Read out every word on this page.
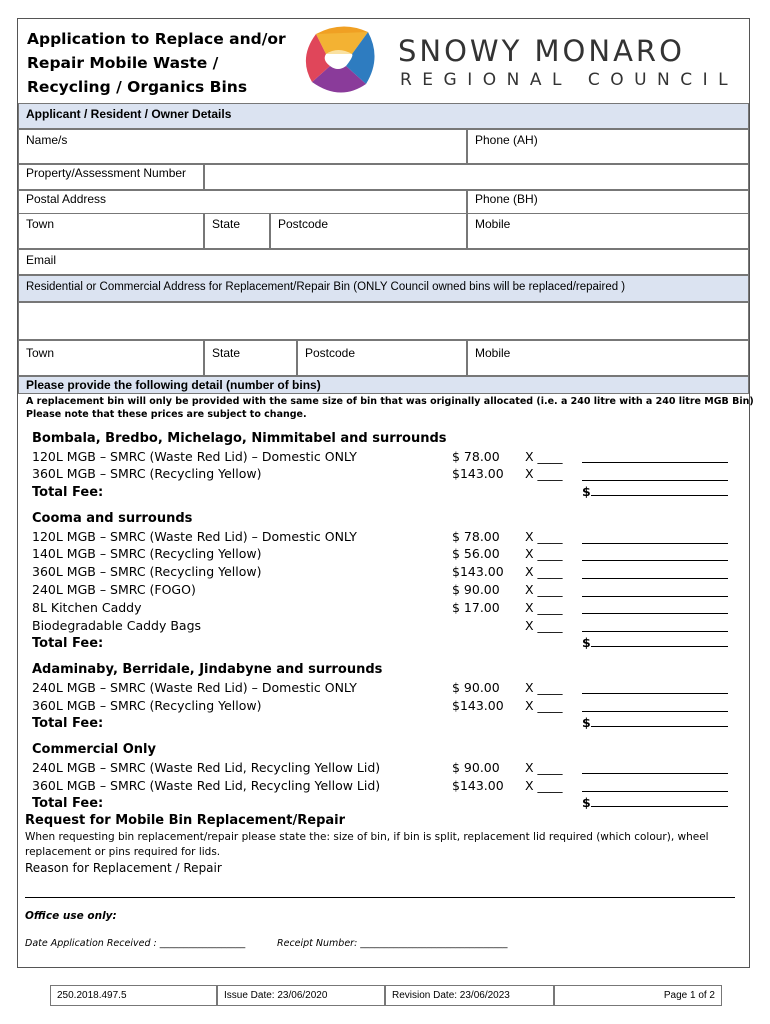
Application to Replace and/or
Repair Mobile Waste /
Recycling / Organics Bins
SNOWY MONARO
REGIONAL COUNCIL
Applicant / Resident / Owner Details
Name/s	Phone (AH)
Property/Assessment Number
Postal Address	Phone (BH)
Town	State	Postcode	Mobile
Email
Residential or Commercial Address for Replacement/Repair Bin (ONLY Council owned bins will be replaced/repaired )
Town	State	Postcode	Mobile
Please provide the following detail (number of bins)
A replacement bin will only be provided with the same size of bin that was originally allocated (i.e. a 240 litre with a 240 litre MGB Bin)
Please note that these prices are subject to change.
Bombala, Bredbo, Michelago, Nimmitabel and surrounds
120L MGB – SMRC (Waste Red Lid) – Domestic ONLY	$ 78.00 X ____
360L MGB – SMRC (Recycling Yellow)	$143.00 X ____
Total Fee:	$
Cooma and surrounds
120L MGB – SMRC (Waste Red Lid) – Domestic ONLY	$ 78.00 X ____
140L MGB – SMRC (Recycling Yellow)	$ 56.00 X ____
360L MGB – SMRC (Recycling Yellow)	$143.00 X ____
240L MGB – SMRC (FOGO)	$ 90.00 X ____
8L Kitchen Caddy	$ 17.00 X ____
Biodegradable Caddy Bags	X ____
Total Fee:	$
Adaminaby, Berridale, Jindabyne and surrounds
240L MGB – SMRC (Waste Red Lid) – Domestic ONLY	$ 90.00 X ____
360L MGB – SMRC (Recycling Yellow)	$143.00 X ____
Total Fee:	$
Commercial Only
240L MGB – SMRC (Waste Red Lid, Recycling Yellow Lid)	$ 90.00 X ____
360L MGB – SMRC (Waste Red Lid, Recycling Yellow Lid)	$143.00 X ____
Total Fee:	$
Request for Mobile Bin Replacement/Repair
When requesting bin replacement/repair please state the: size of bin, if bin is split, replacement lid required (which colour), wheel
replacement or pins required for lids.
Reason for Replacement / Repair
Office use only:
Date Application Received : __________________	Receipt Number: _______________________________
250.2018.497.5	Issue Date: 23/06/2020	Revision Date: 23/06/2023	Page 1 of 2
